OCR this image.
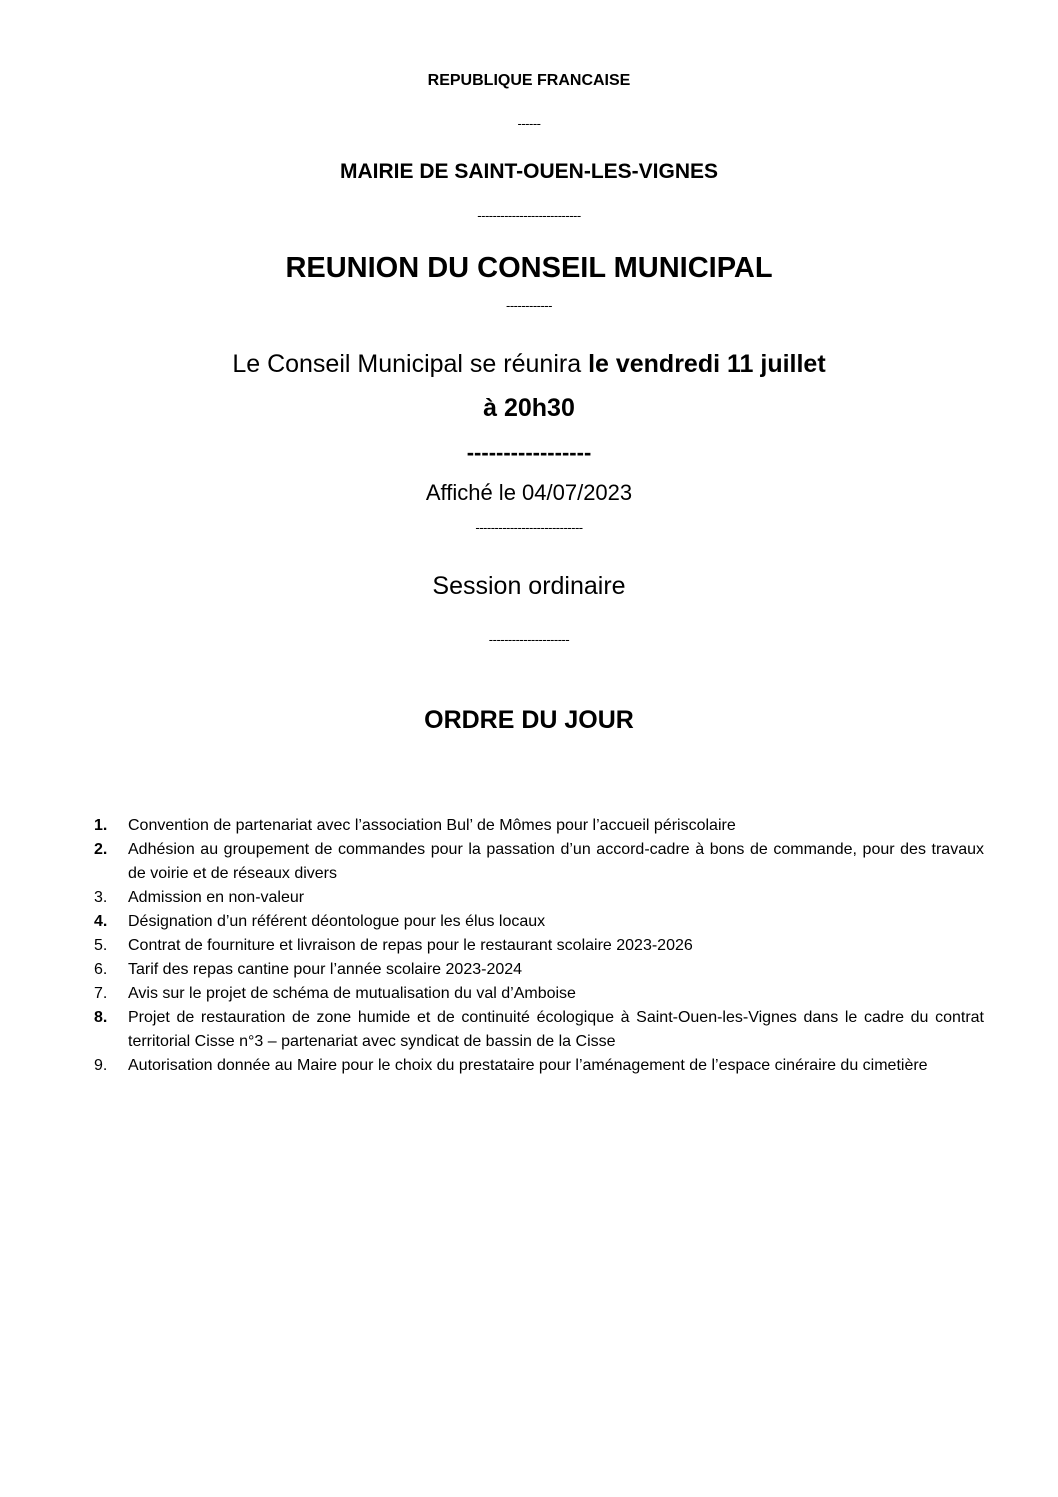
REPUBLIQUE FRANCAISE
------
MAIRIE DE SAINT-OUEN-LES-VIGNES
---------------------------
REUNION DU CONSEIL MUNICIPAL
------------
Le Conseil Municipal se réunira le vendredi 11 juillet
à 20h30
-----------------
Affiché le 04/07/2023
----------------------------
Session ordinaire
---------------------
ORDRE DU JOUR
1.	Convention de partenariat avec l’association Bul’ de Mômes pour l’accueil périscolaire
2.	Adhésion au groupement de commandes pour la passation d’un accord-cadre à bons de commande, pour des travaux de voirie et de réseaux divers
3.	Admission en non-valeur
4.	Désignation d’un référent déontologue pour les élus locaux
5.	Contrat de fourniture et livraison de repas pour le restaurant scolaire 2023-2026
6.	Tarif des repas cantine pour l’année scolaire 2023-2024
7.	Avis sur le projet de schéma de mutualisation du val d’Amboise
8.	Projet de restauration de zone humide et de continuité écologique à Saint-Ouen-les-Vignes dans le cadre du contrat territorial Cisse n°3 – partenariat avec syndicat de bassin de la Cisse
9.	Autorisation donnée au Maire pour le choix du prestataire pour l’aménagement de l’espace cinéraire du cimetière
